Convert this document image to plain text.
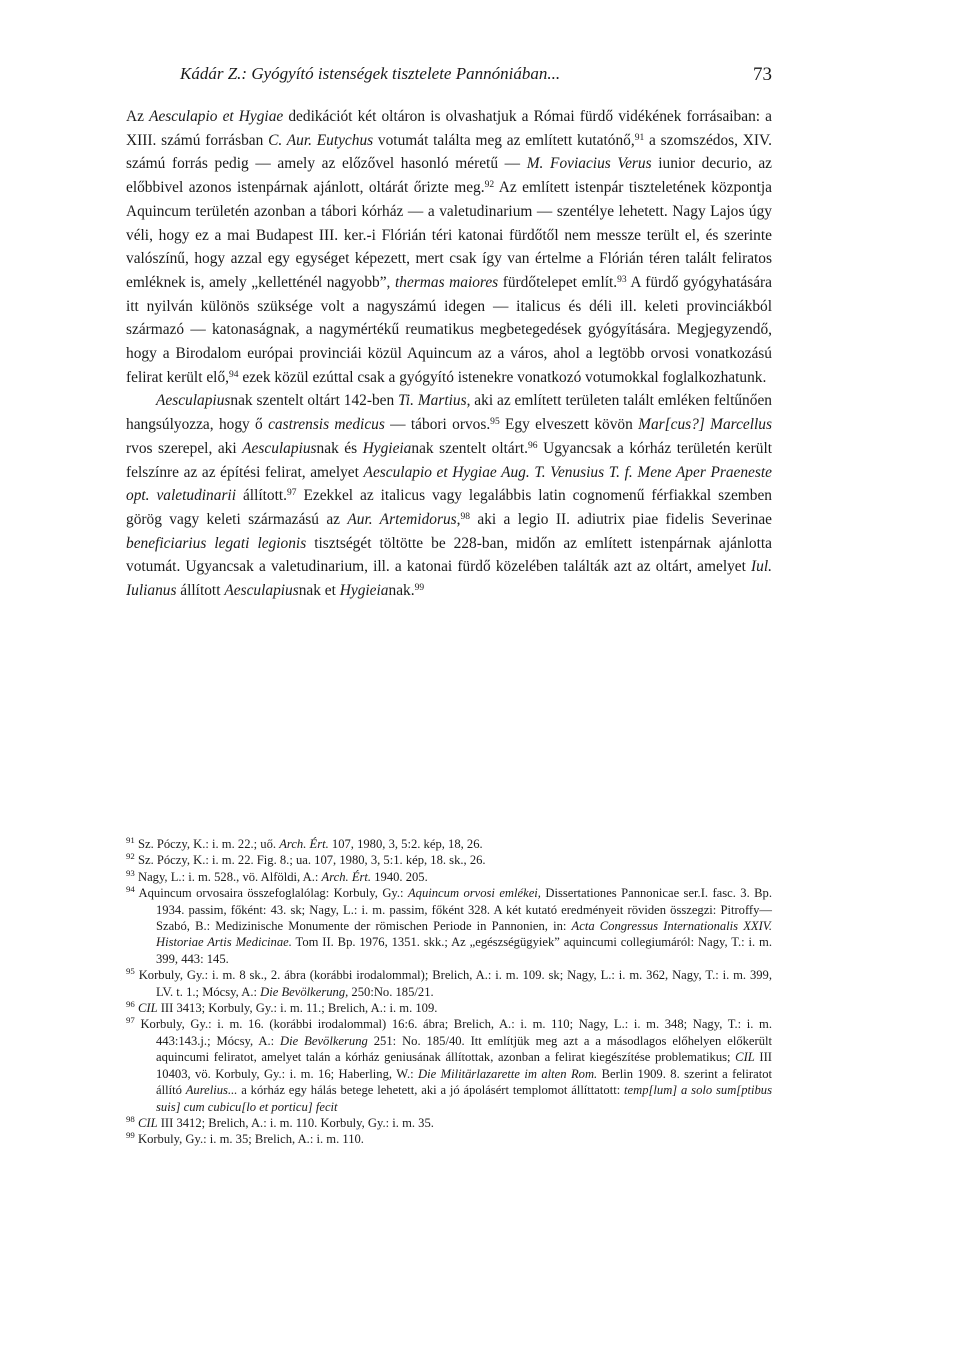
Kádár Z.: Gyógyító istenségek tisztelete Pannóniában...	73

Az Aesculapio et Hygiae dedikációt két oltáron is olvashatjuk a Római fürdő vidékének forrásaiban: a XIII. számú forrásban C. Aur. Eutychus votumát találta meg az említett kutatónő,$^{91}$ a szomszédos, XIV. számú forrás pedig — amely az előzővel hasonló méretű — M. Foviacius Verus iunior decurio, az előbbivel azonos istenpárnak ajánlott, oltárát őrizte meg.$^{92}$ Az említett istenpár tiszteletének központja Aquincum területén azonban a tábori kórház — a valetudinarium — szentélye lehetett. Nagy Lajos úgy véli, hogy ez a mai Budapest III. ker.-i Flórián téri katonai fürdőtől nem messze terült el, és szerinte valószínű, hogy azzal egy egységet képezett, mert csak így van értelme a Flórián téren talált feliratos emléknek is, amely „kelletténél nagyobb”, thermas maiores fürdőtelepet említ.$^{93}$ A fürdő gyógyhatására itt nyilván különös szüksége volt a nagyszámú idegen — italicus és déli ill. keleti provinciákból származó — katonaságnak, a nagymértékű reumatikus megbetegedések gyógyítására. Megjegyzendő, hogy a Birodalom európai provinciái közül Aquincum az a város, ahol a legtöbb orvosi vonatkozású felirat került elő,$^{94}$ ezek közül ezúttal csak a gyógyító istenekre vonatkozó votumokkal foglalkozhatunk.

Aesculapiusnak szentelt oltárt 142-ben Ti. Martius, aki az említett területen talált emléken feltűnően hangsúlyozza, hogy ő castrensis medicus — tábori orvos.$^{95}$ Egy elveszett kövön Mar[cus?] Marcellus rvos szerepel, aki Aesculapiusnak és Hygieianak szentelt oltárt.$^{96}$ Ugyancsak a kórház területén került felszínre az az építési felirat, amelyet Aesculapio et Hygiae Aug. T. Venusius T. f. Mene Aper Praeneste opt. valetudinarii állított.$^{97}$ Ezekkel az italicus vagy legalábbis latin cognomenű férfiakkal szemben görög vagy keleti származású az Aur. Artemidorus,$^{98}$ aki a legio II. adiutrix piae fidelis Severinae beneficiarius legati legionis tisztségét töltötte be 228-ban, midőn az említett istenpárnak ajánlotta votumát. Ugyancsak a valetudinarium, ill. a katonai fürdő közelében találták azt az oltárt, amelyet Iul. Iulianus állított Aesculapiusnak et Hygieianak.$^{99}$

$^{91}$ Sz. Póczy, K.: i. m. 22.; uő. Arch. Ért. 107, 1980, 3, 5:2. kép, 18, 26.

$^{92}$ Sz. Póczy, K.: i. m. 22. Fig. 8.; ua. 107, 1980, 3, 5:1. kép, 18. sk., 26.

$^{93}$ Nagy, L.: i. m. 528., vö. Alföldi, A.: Arch. Ért. 1940. 205.

$^{94}$ Aquincum orvosaira összefoglalólag: Korbuly, Gy.: Aquincum orvosi emlékei, Dissertationes Pannonicae ser.I. fasc. 3. Bp. 1934. passim, főként: 43. sk; Nagy, L.: i. m. passim, főként 328. A két kutató eredményeit röviden összegzi: Pitroffy—Szabó, B.: Medizinische Monumente der römischen Periode in Pannonien, in: Acta Congressus Internationalis XXIV. Historiae Artis Medicinae. Tom II. Bp. 1976, 1351. skk.; Az „egészségügyiek” aquincumi collegiumáról: Nagy, T.: i. m. 399, 443: 145.

$^{95}$ Korbuly, Gy.: i. m. 8 sk., 2. ábra (korábbi irodalommal); Brelich, A.: i. m. 109. sk; Nagy, L.: i. m. 362, Nagy, T.: i. m. 399, LV. t. 1.; Mócsy, A.: Die Bevölkerung, 250:No. 185/21.

$^{96}$ CIL III 3413; Korbuly, Gy.: i. m. 11.; Brelich, A.: i. m. 109.

$^{97}$ Korbuly, Gy.: i. m. 16. (korábbi irodalommal) 16:6. ábra; Brelich, A.: i. m. 110; Nagy, L.: i. m. 348; Nagy, T.: i. m. 443:143.j.; Mócsy, A.: Die Bevölkerung 251: No. 185/40. Itt említjük meg azt a a másodlagos előhelyen előkerült aquincumi feliratot, amelyet talán a kórház geniusának állítottak, azonban a felirat kiegészítése problematikus; CIL III 10403, vö. Korbuly, Gy.: i. m. 16; Haberling, W.: Die Militärlazarette im alten Rom. Berlin 1909. 8. szerint a feliratot állító Aurelius... a kórház egy hálás betege lehetett, aki a jó ápolásért templomot állíttatott: temp[lum] a solo sum[ptibus suis] cum cubicu[lo et porticu] fecit

$^{98}$ CIL III 3412; Brelich, A.: i. m. 110. Korbuly, Gy.: i. m. 35.

$^{99}$ Korbuly, Gy.: i. m. 35; Brelich, A.: i. m. 110.
